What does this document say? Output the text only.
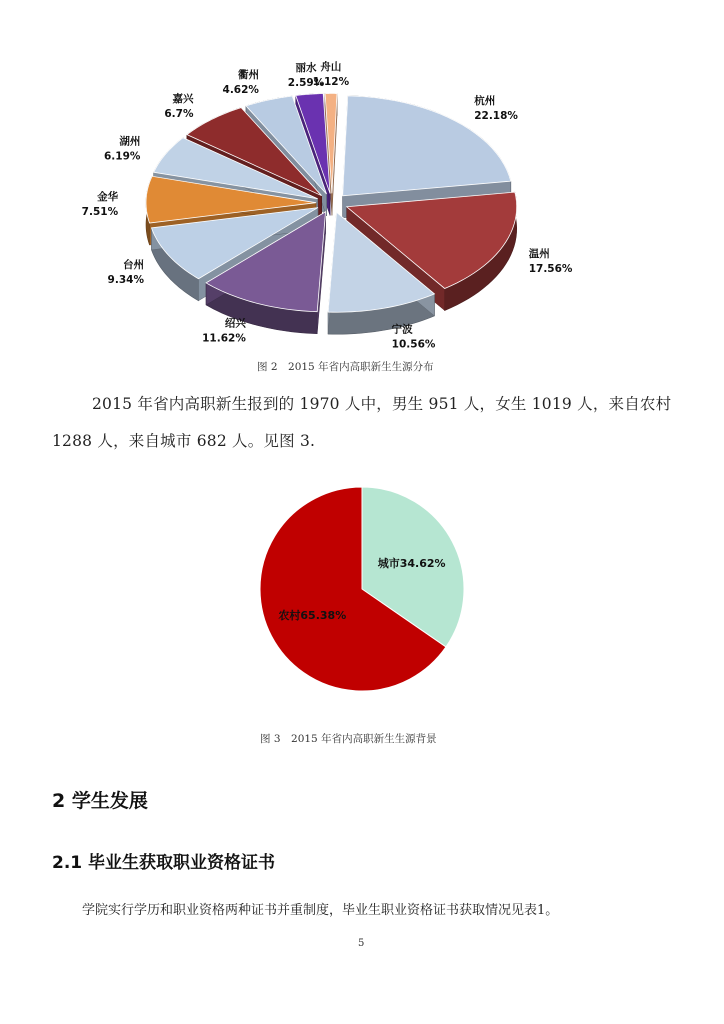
杭州
22.18%
温州
17.56%
宁波
10.56%
绍兴
11.62%
台州
9.34%
金华
7.51%
湖州
6.19%
嘉兴
6.7%
衢州
4.62%
丽水
2.59%
舟山
1.12%
图 2　2015 年省内高职新生生源分布
2015 年省内高职新生报到的 1970 人中，男生 951 人，女生 1019 人，来自农村
1288 人，来自城市 682 人。见图 3.
城市34.62%
农村65.38%
图 3　2015 年省内高职新生生源背景
2 学生发展
2.1 毕业生获取职业资格证书
学院实行学历和职业资格两种证书并重制度，毕业生职业资格证书获取情况见表1。
5
